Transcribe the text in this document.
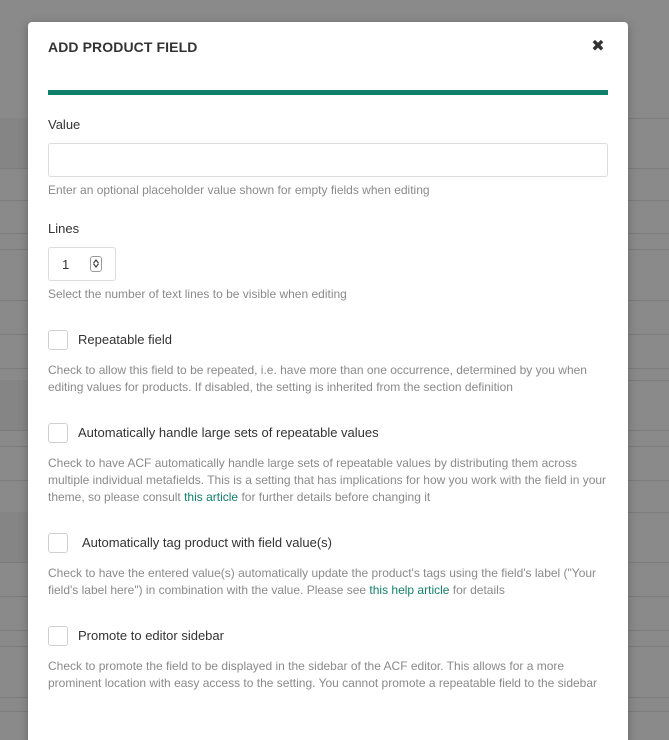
ADD PRODUCT FIELD	✖
Value
Enter an optional placeholder value shown for empty fields when editing
Lines
1
Select the number of text lines to be visible when editing
Repeatable field
Check to allow this field to be repeated, i.e. have more than one occurrence, determined by you when editing values for products. If disabled, the setting is inherited from the section definition
Automatically handle large sets of repeatable values
Check to have ACF automatically handle large sets of repeatable values by distributing them across multiple individual metafields. This is a setting that has implications for how you work with the field in your theme, so please consult this article for further details before changing it
Automatically tag product with field value(s)
Check to have the entered value(s) automatically update the product's tags using the field's label ("Your field's label here") in combination with the value. Please see this help article for details
Promote to editor sidebar
Check to promote the field to be displayed in the sidebar of the ACF editor. This allows for a more prominent location with easy access to the setting. You cannot promote a repeatable field to the sidebar
